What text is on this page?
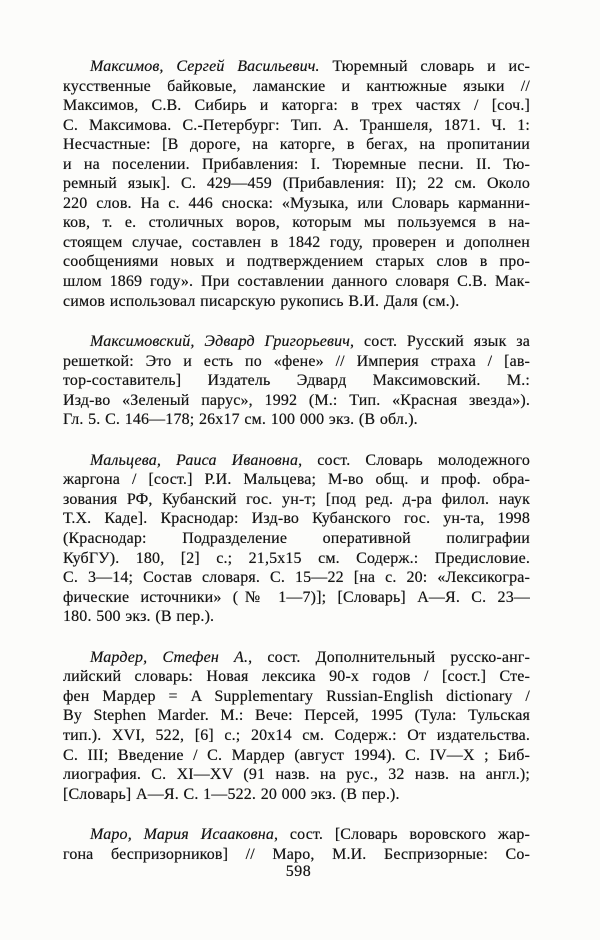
Максимов, Сергей Васильевич. Тюремный словарь и ис-
кусственные байковые, ламанские и кантюжные языки //
Максимов, С.В. Сибирь и каторга: в трех частях / [соч.]
С. Максимова. С.-Петербург: Тип. А. Траншеля, 1871. Ч. 1:
Несчастные: [В дороге, на каторге, в бегах, на пропитании
и на поселении. Прибавления: I. Тюремные песни. II. Тю-
ремный язык]. С. 429—459 (Прибавления: II); 22 см. Около
220 слов. На с. 446 сноска: «Музыка, или Словарь карманни-
ков, т. е. столичных воров, которым мы пользуемся в на-
стоящем случае, составлен в 1842 году, проверен и дополнен
сообщениями новых и подтверждением старых слов в про-
шлом 1869 году». При составлении данного словаря С.В. Мак-
симов использовал писарскую рукопись В.И. Даля (см.).
Максимовский, Эдвард Григорьевич, сост. Русский язык за
решеткой: Это и есть по «фене» // Империя страха / [ав-
тор-составитель] Издатель Эдвард Максимовский. М.:
Изд-во «Зеленый парус», 1992 (М.: Тип. «Красная звезда»).
Гл. 5. С. 146—178; 26х17 см. 100 000 экз. (В обл.).
Мальцева, Раиса Ивановна, сост. Словарь молодежного
жаргона / [сост.] Р.И. Мальцева; М-во общ. и проф. обра-
зования РФ, Кубанский гос. ун-т; [под ред. д-ра филол. наук
Т.Х. Каде]. Краснодар: Изд-во Кубанского гос. ун-та, 1998
(Краснодар: Подразделение оперативной полиграфии
КубГУ). 180, [2] с.; 21,5х15 см. Содерж.: Предисловие.
С. 3—14; Состав словаря. С. 15—22 [на с. 20: «Лексикогра-
фические источники» (№ 1—7)]; [Словарь] А—Я. С. 23—
180. 500 экз. (В пер.).
Мардер, Стефен А., сост. Дополнительный русско-анг-
лийский словарь: Новая лексика 90-х годов / [сост.] Сте-
фен Мардер = A Supplementary Russian-English dictionary /
By Stephen Marder. М.: Вече: Персей, 1995 (Тула: Тульская
тип.). XVI, 522, [6] с.; 20х14 см. Содерж.: От издательства.
С. III; Введение / С. Мардер (август 1994). С. IV—X ; Биб-
лиография. С. XI—XV (91 назв. на рус., 32 назв. на англ.);
[Словарь] А—Я. С. 1—522. 20 000 экз. (В пер.).
Маро, Мария Исааковна, сост. [Словарь воровского жар-
гона беспризорников] // Маро, М.И. Беспризорные: Со-
598
